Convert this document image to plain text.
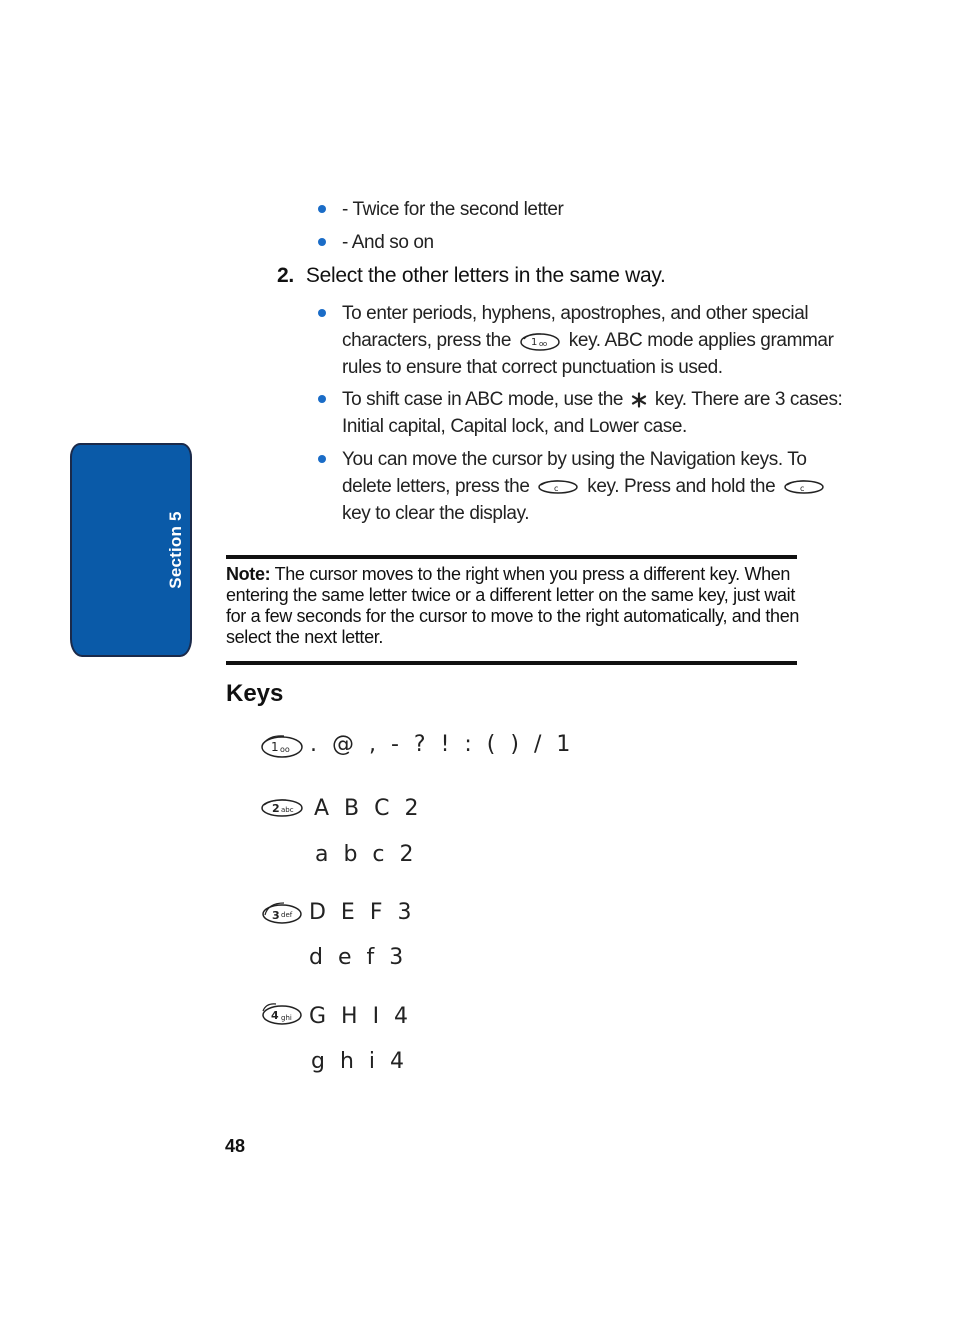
Section 5
- Twice for the second letter
- And so on
2. Select the other letters in the same way.
To enter periods, hyphens, apostrophes, and other special
characters, press the 1 oo key. ABC mode applies grammar
rules to ensure that correct punctuation is used.
To shift case in ABC mode, use the key. There are 3 cases:
Initial capital, Capital lock, and Lower case.
You can move the cursor by using the Navigation keys. To
delete letters, press the	c key. Press and hold the	c
key to clear the display.
Note: The cursor moves to the right when you press a different key. When entering the same letter twice or a different letter on the same key, just wait for a few seconds for the cursor to move to the right automatically, and then select the next letter.
Keys
1 oo . @ , - ? ! : ( ) / 1
2 abc A B C 2
a b c 2
3 def D E F 3
d e f 3
4 ghi G H I 4
g h i 4
48
